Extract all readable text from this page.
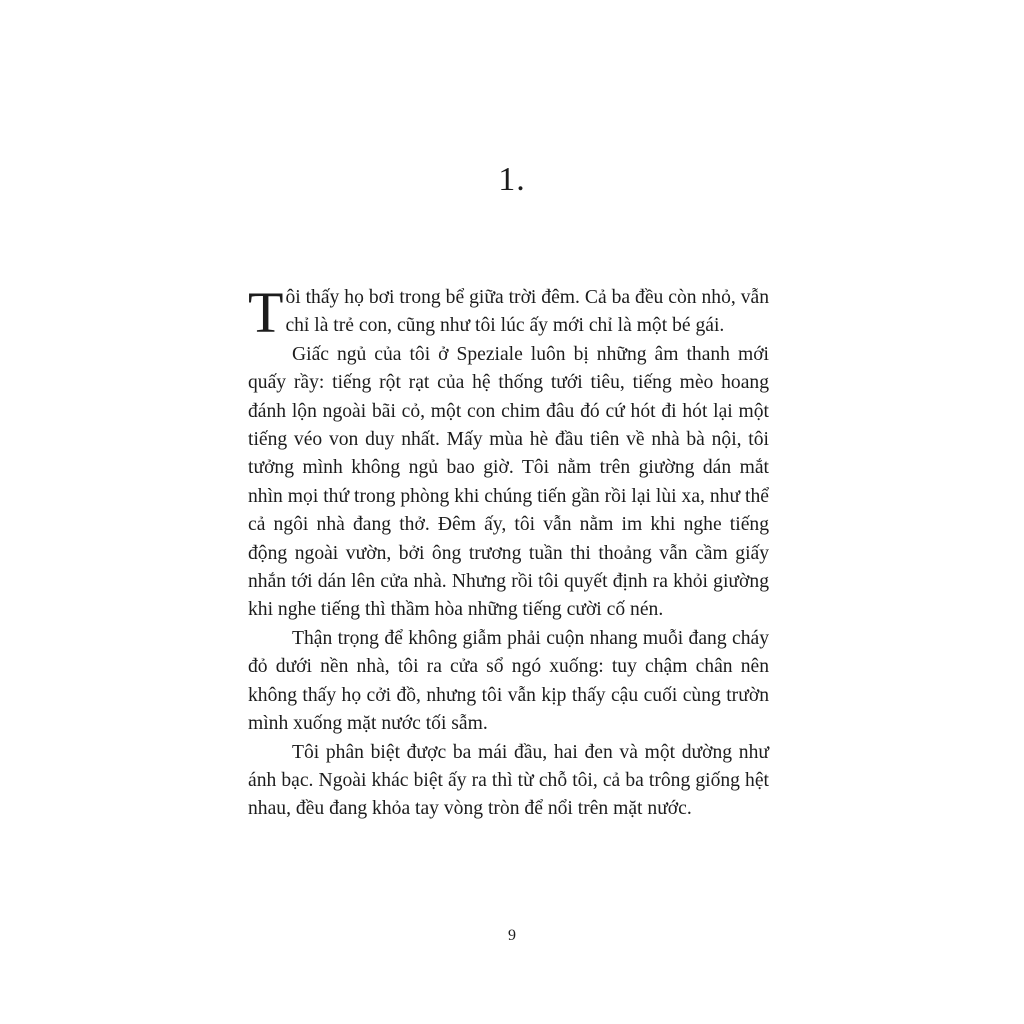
1.

Tôi thấy họ bơi trong bể giữa trời đêm. Cả ba đều còn nhỏ, vẫn chỉ là trẻ con, cũng như tôi lúc ấy mới chỉ là một bé gái.

Giấc ngủ của tôi ở Speziale luôn bị những âm thanh mới quấy rầy: tiếng rột rạt của hệ thống tưới tiêu, tiếng mèo hoang đánh lộn ngoài bãi cỏ, một con chim đâu đó cứ hót đi hót lại một tiếng véo von duy nhất. Mấy mùa hè đầu tiên về nhà bà nội, tôi tưởng mình không ngủ bao giờ. Tôi nằm trên giường dán mắt nhìn mọi thứ trong phòng khi chúng tiến gần rồi lại lùi xa, như thể cả ngôi nhà đang thở. Đêm ấy, tôi vẫn nằm im khi nghe tiếng động ngoài vườn, bởi ông trương tuần thi thoảng vẫn cầm giấy nhắn tới dán lên cửa nhà. Nhưng rồi tôi quyết định ra khỏi giường khi nghe tiếng thì thầm hòa những tiếng cười cố nén.

Thận trọng để không giẫm phải cuộn nhang muỗi đang cháy đỏ dưới nền nhà, tôi ra cửa sổ ngó xuống: tuy chậm chân nên không thấy họ cởi đồ, nhưng tôi vẫn kịp thấy cậu cuối cùng trườn mình xuống mặt nước tối sẫm.

Tôi phân biệt được ba mái đầu, hai đen và một dường như ánh bạc. Ngoài khác biệt ấy ra thì từ chỗ tôi, cả ba trông giống hệt nhau, đều đang khỏa tay vòng tròn để nổi trên mặt nước.

9
